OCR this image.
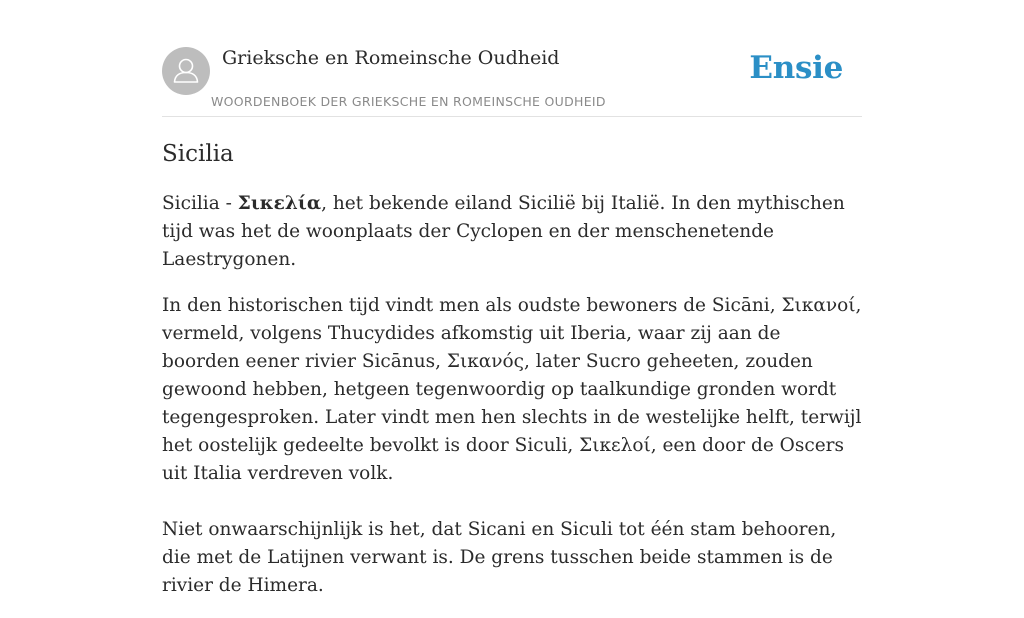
Grieksche en Romeinsche Oudheid
WOORDENBOEK DER GRIEKSCHE EN ROMEINSCHE OUDHEID
Ensie
Sicilia

Sicilia - Σικελία, het bekende eiland Sicilië bij Italië. In den mythischen tijd was het de woonplaats der Cyclopen en der menschenetende Laestrygonen.

In den historischen tijd vindt men als oudste bewoners de Sicāni, Σικανοί, vermeld, volgens Thucydides afkomstig uit Iberia, waar zij aan de boorden eener rivier Sicānus, Σικανός, later Sucro geheeten, zouden gewoond hebben, hetgeen tegenwoordig op taalkundige gronden wordt tegengesproken. Later vindt men hen slechts in de westelijke helft, terwijl het oostelijk gedeelte bevolkt is door Siculi, Σικελοί, een door de Oscers uit Italia verdreven volk.

Niet onwaarschijnlijk is het, dat Sicani en Siculi tot één stam behooren, die met de Latijnen verwant is. De grens tusschen beide stammen is de rivier de Himera.
